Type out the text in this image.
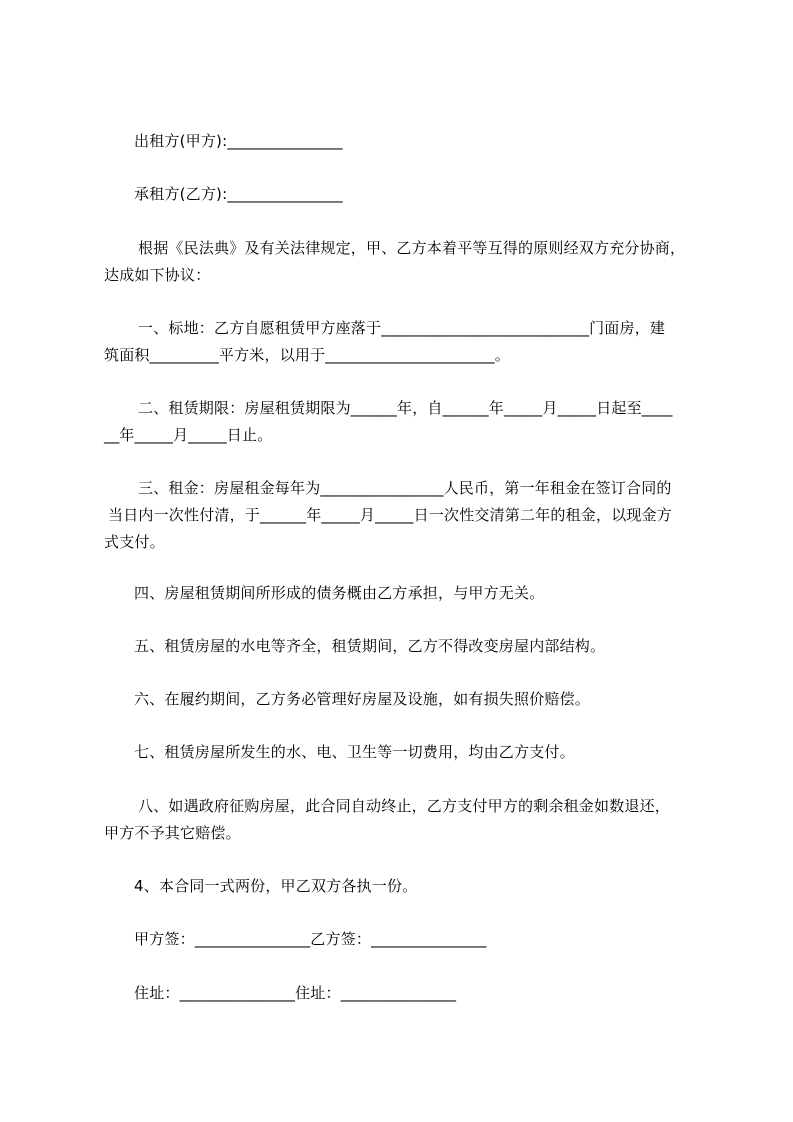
出租方(甲方):_______________
承租方(乙方):_______________
根据《民法典》及有关法律规定，甲、乙方本着平等互得的原则经双方充分协商，
达成如下协议：
一、标地：乙方自愿租赁甲方座落于___________________________门面房，建
筑面积_________平方米，以用于______________________。
二、租赁期限：房屋租赁期限为______年，自______年_____月_____日起至____
__年_____月_____日止。
三、租金：房屋租金每年为________________人民币，第一年租金在签订合同的
当日内一次性付清，于______年_____月_____日一次性交清第二年的租金，以现金方
式支付。
四、房屋租赁期间所形成的债务概由乙方承担，与甲方无关。
五、租赁房屋的水电等齐全，租赁期间，乙方不得改变房屋内部结构。
六、在履约期间，乙方务必管理好房屋及设施，如有损失照价赔偿。
七、租赁房屋所发生的水、电、卫生等一切费用，均由乙方支付。
八、如遇政府征购房屋，此合同自动终止，乙方支付甲方的剩余租金如数退还，
甲方不予其它赔偿。
4、本合同一式两份，甲乙双方各执一份。
甲方签：_______________乙方签：_______________
住址：_______________住址：_______________
